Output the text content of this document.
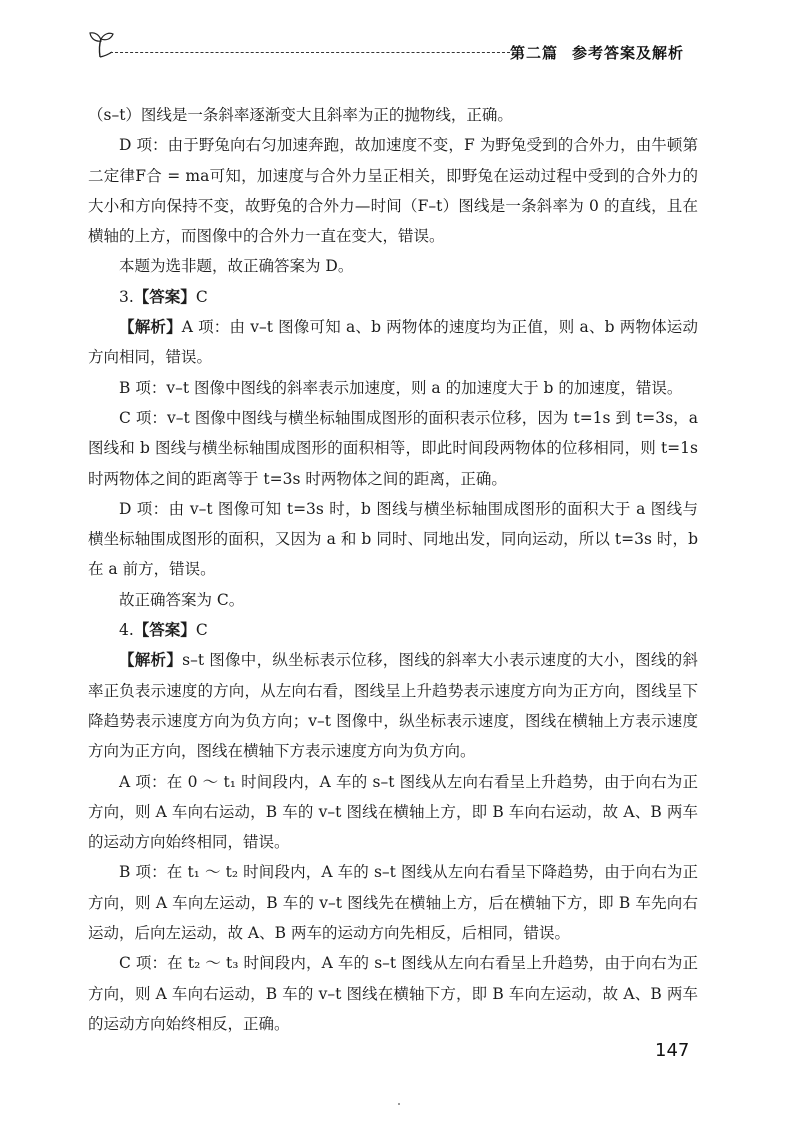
第二篇 参考答案及解析

（s–t）图线是一条斜率逐渐变大且斜率为正的抛物线，正确。

D 项：由于野兔向右匀加速奔跑，故加速度不变，F 为野兔受到的合外力，由牛顿第二定律F合 = ma可知，加速度与合外力呈正相关，即野兔在运动过程中受到的合外力的大小和方向保持不变，故野兔的合外力—时间（F–t）图线是一条斜率为 0 的直线，且在横轴的上方，而图像中的合外力一直在变大，错误。

本题为选非题，故正确答案为 D。

3.【答案】C

【解析】A 项：由 v–t 图像可知 a、b 两物体的速度均为正值，则 a、b 两物体运动方向相同，错误。

B 项：v–t 图像中图线的斜率表示加速度，则 a 的加速度大于 b 的加速度，错误。

C 项：v–t 图像中图线与横坐标轴围成图形的面积表示位移，因为 t=1s 到 t=3s，a 图线和 b 图线与横坐标轴围成图形的面积相等，即此时间段两物体的位移相同，则 t=1s 时两物体之间的距离等于 t=3s 时两物体之间的距离，正确。

D 项：由 v–t 图像可知 t=3s 时，b 图线与横坐标轴围成图形的面积大于 a 图线与横坐标轴围成图形的面积，又因为 a 和 b 同时、同地出发，同向运动，所以 t=3s 时，b 在 a 前方，错误。

故正确答案为 C。

4.【答案】C

【解析】s–t 图像中，纵坐标表示位移，图线的斜率大小表示速度的大小，图线的斜率正负表示速度的方向，从左向右看，图线呈上升趋势表示速度方向为正方向，图线呈下降趋势表示速度方向为负方向；v–t 图像中，纵坐标表示速度，图线在横轴上方表示速度方向为正方向，图线在横轴下方表示速度方向为负方向。

A 项：在 0 ～ t₁ 时间段内，A 车的 s–t 图线从左向右看呈上升趋势，由于向右为正方向，则 A 车向右运动，B 车的 v–t 图线在横轴上方，即 B 车向右运动，故 A、B 两车的运动方向始终相同，错误。

B 项：在 t₁ ～ t₂ 时间段内，A 车的 s–t 图线从左向右看呈下降趋势，由于向右为正方向，则 A 车向左运动，B 车的 v–t 图线先在横轴上方，后在横轴下方，即 B 车先向右运动，后向左运动，故 A、B 两车的运动方向先相反，后相同，错误。

C 项：在 t₂ ～ t₃ 时间段内，A 车的 s–t 图线从左向右看呈上升趋势，由于向右为正方向，则 A 车向右运动，B 车的 v–t 图线在横轴下方，即 B 车向左运动，故 A、B 两车的运动方向始终相反，正确。

147
